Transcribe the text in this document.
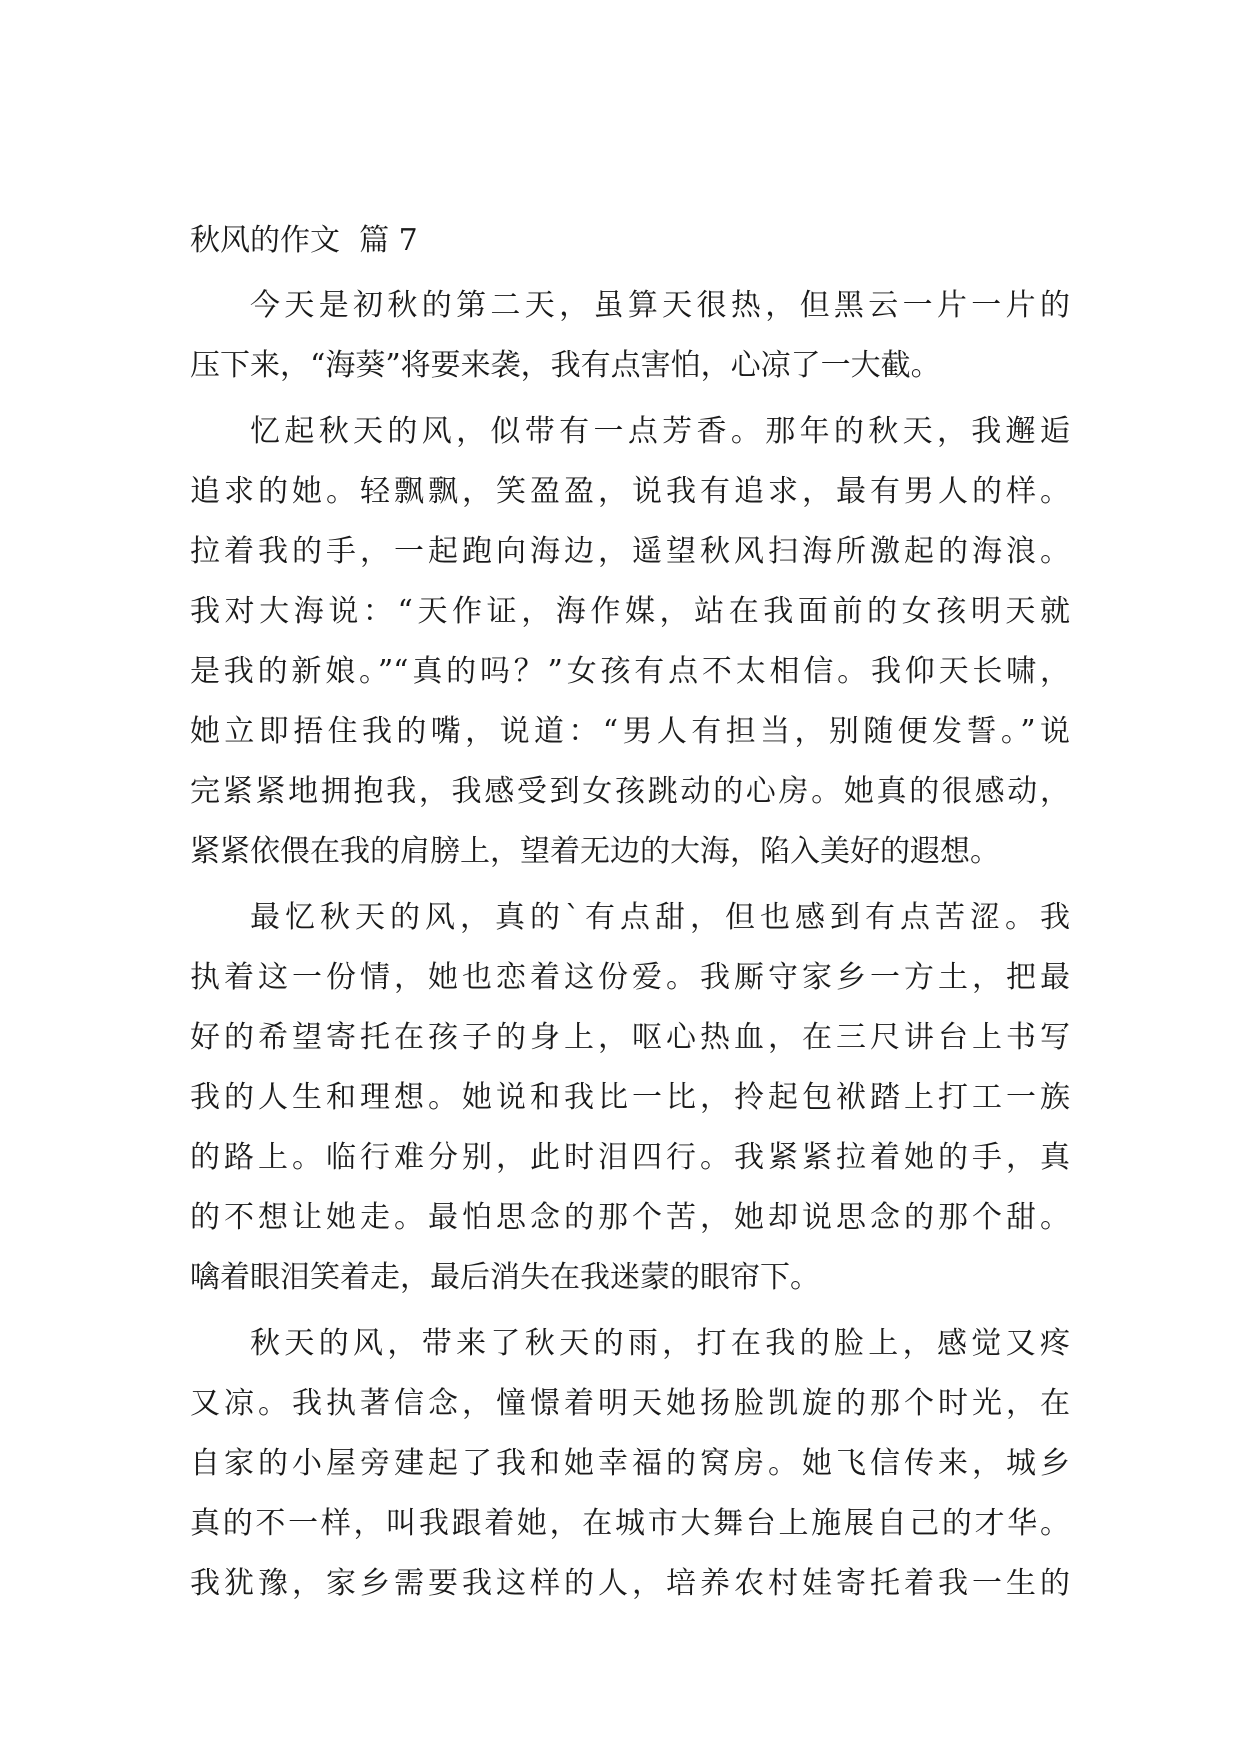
秋风的作文  篇 7
今天是初秋的第二天，虽算天很热，但黑云一片一片的
压下来，“海葵”将要来袭，我有点害怕，心凉了一大截。
忆起秋天的风，似带有一点芳香。那年的秋天，我邂逅
追求的她。轻飘飘，笑盈盈，说我有追求，最有男人的样。
拉着我的手，一起跑向海边，遥望秋风扫海所激起的海浪。
我对大海说：“天作证，海作媒，站在我面前的女孩明天就
是我的新娘。”“真的吗？”女孩有点不太相信。我仰天长啸，
她立即捂住我的嘴，说道：“男人有担当，别随便发誓。”说
完紧紧地拥抱我，我感受到女孩跳动的心房。她真的很感动，
紧紧依偎在我的肩膀上，望着无边的大海，陷入美好的遐想。
最忆秋天的风，真的`有点甜，但也感到有点苦涩。我
执着这一份情，她也恋着这份爱。我厮守家乡一方土，把最
好的希望寄托在孩子的身上，呕心热血，在三尺讲台上书写
我的人生和理想。她说和我比一比，拎起包袱踏上打工一族
的路上。临行难分别，此时泪四行。我紧紧拉着她的手，真
的不想让她走。最怕思念的那个苦，她却说思念的那个甜。
噙着眼泪笑着走，最后消失在我迷蒙的眼帘下。
秋天的风，带来了秋天的雨，打在我的脸上，感觉又疼
又凉。我执著信念，憧憬着明天她扬脸凯旋的那个时光，在
自家的小屋旁建起了我和她幸福的窝房。她飞信传来，城乡
真的不一样，叫我跟着她，在城市大舞台上施展自己的才华。
我犹豫，家乡需要我这样的人，培养农村娃寄托着我一生的
